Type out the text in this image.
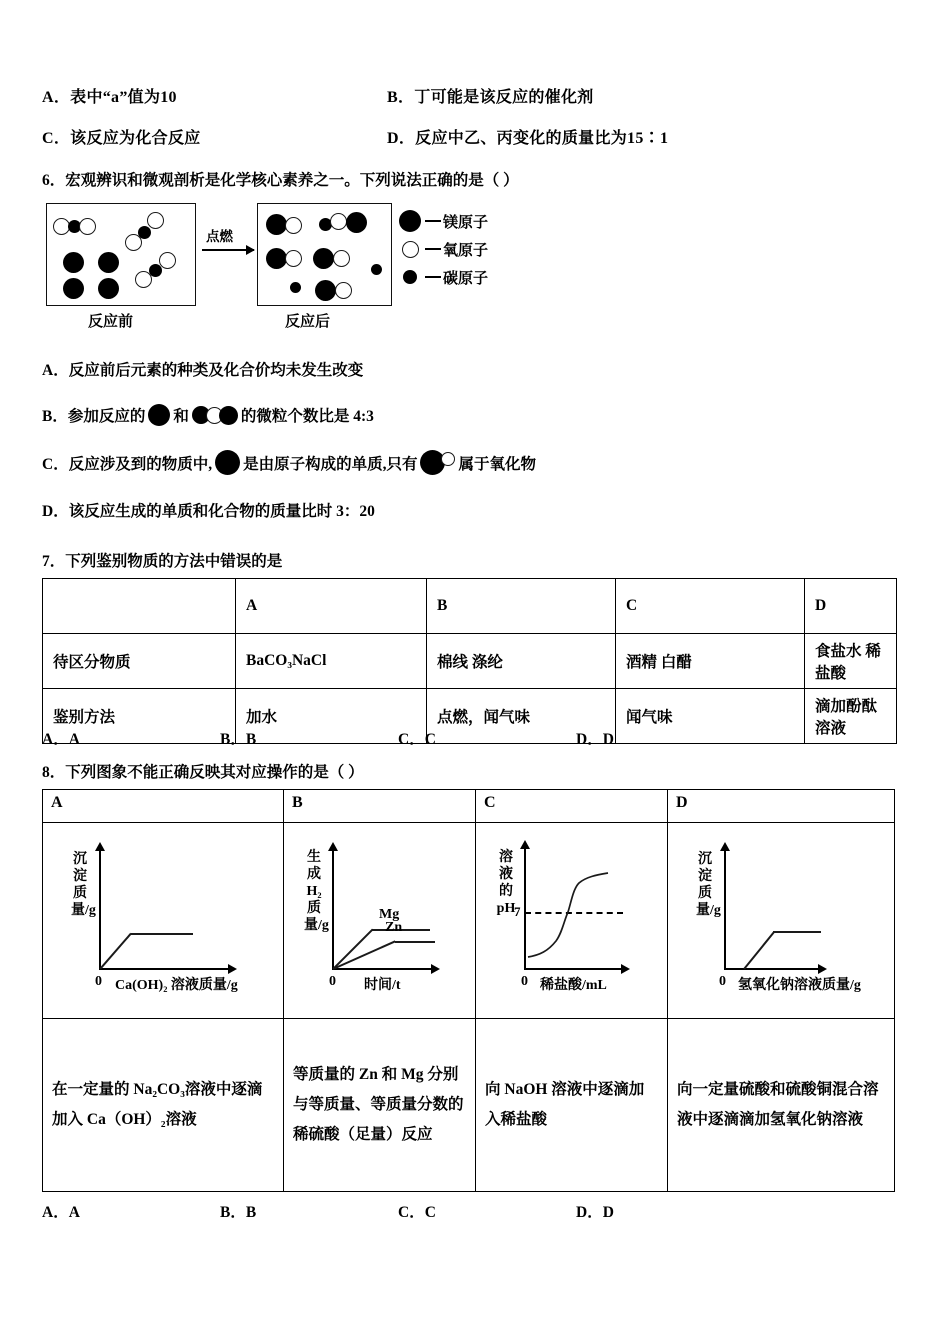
A．表中“a”值为10	B．丁可能是该反应的催化剂
C．该反应为化合反应	D．反应中乙、丙变化的质量比为15∶1
6．宏观辨识和微观剖析是化学核心素养之一。下列说法正确的是（ ）
点燃
反应前	反应后
镁原子
氧原子
碳原子
A． 反应前后元素的种类及化合价均未发生改变
B． 参加反应的 和	的微粒个数比是 4:3
C． 反应涉及到的物质中, 是由原子构成的单质,只有	属于氧化物
D． 该反应生成的单质和化合物的质量比时 3：20
7．下列鉴别物质的方法中错误的是
	A	B	C	D
待区分物质	BaCO₃NaCl	棉线 涤纶	酒精 白醋	食盐水 稀盐酸
鉴别方法	加水	点燃，闻气味	闻气味	滴加酚酞溶液
A．A	B．B	C．C	D．D
8．下列图象不能正确反映其对应操作的是（ ）
A	B	C	D

沉淀质量/g
0 Ca(OH)₂ 溶液质量/g

生成H₂质量/g
0 时间/t
Mg
Zn

溶液的pH
0 稀盐酸/mL
7

沉淀质量/g
0 氢氧化钠溶液质量/g

在一定量的 Na₂CO₃溶液中逐滴加入 Ca（OH）₂溶液	等质量的 Zn 和 Mg 分别与等质量、等质量分数的稀硫酸（足量）反应	向 NaOH 溶液中逐滴加入稀盐酸	向一定量硫酸和硫酸铜混合溶液中逐滴滴加氢氧化钠溶液
A．A	B．B	C．C	D．D
